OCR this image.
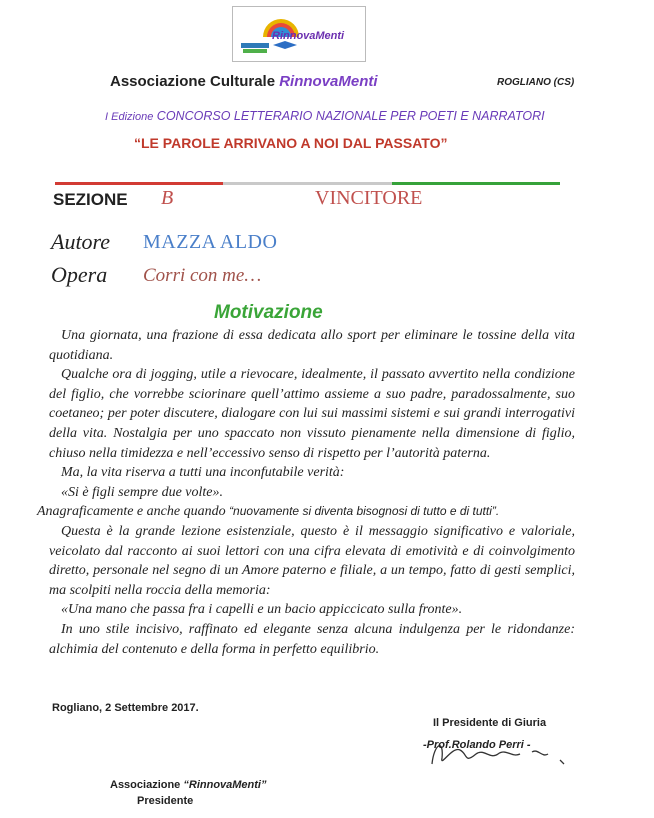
RinnovaMenti
Associazione Culturale RinnovaMenti	ROGLIANO (CS)
I Edizione CONCORSO LETTERARIO NAZIONALE PER POETI E NARRATORI
“LE PAROLE ARRIVANO A NOI DAL PASSATO”
SEZIONE B	VINCITORE
Autore MAZZA ALDO
Opera Corri con me…
Motivazione

Una giornata, una frazione di essa dedicata allo sport per eliminare le tossine della vita quotidiana.

Qualche ora di jogging, utile a rievocare, idealmente, il passato avvertito nella condizione del figlio, che vorrebbe sciorinare quell’attimo assieme a suo padre, paradossalmente, suo coetaneo; per poter discutere, dialogare con lui sui massimi sistemi e sui grandi interrogativi della vita. Nostalgia per uno spaccato non vissuto pienamente nella dimensione di figlio, chiuso nella timidezza e nell’eccessivo senso di rispetto per l’autorità paterna.

Ma, la vita riserva a tutti una inconfutabile verità:

«Si è figli sempre due volte».

Anagraficamente e anche quando “nuovamente si diventa bisognosi di tutto e di tutti”.

Questa è la grande lezione esistenziale, questo è il messaggio significativo e valoriale, veicolato dal racconto ai suoi lettori con una cifra elevata di emotività e di coinvolgimento diretto, personale nel segno di un Amore paterno e filiale, a un tempo, fatto di gesti semplici, ma scolpiti nella roccia della memoria:

«Una mano che passa fra i capelli e un bacio appiccicato sulla fronte».

In uno stile incisivo, raffinato ed elegante senza alcuna indulgenza per le ridondanze: alchimia del contenuto e della forma in perfetto equilibrio.

Rogliano, 2 Settembre 2017.
Il Presidente di Giuria
-Prof.Rolando Perri -
Associazione “RinnovaMenti”
Presidente
